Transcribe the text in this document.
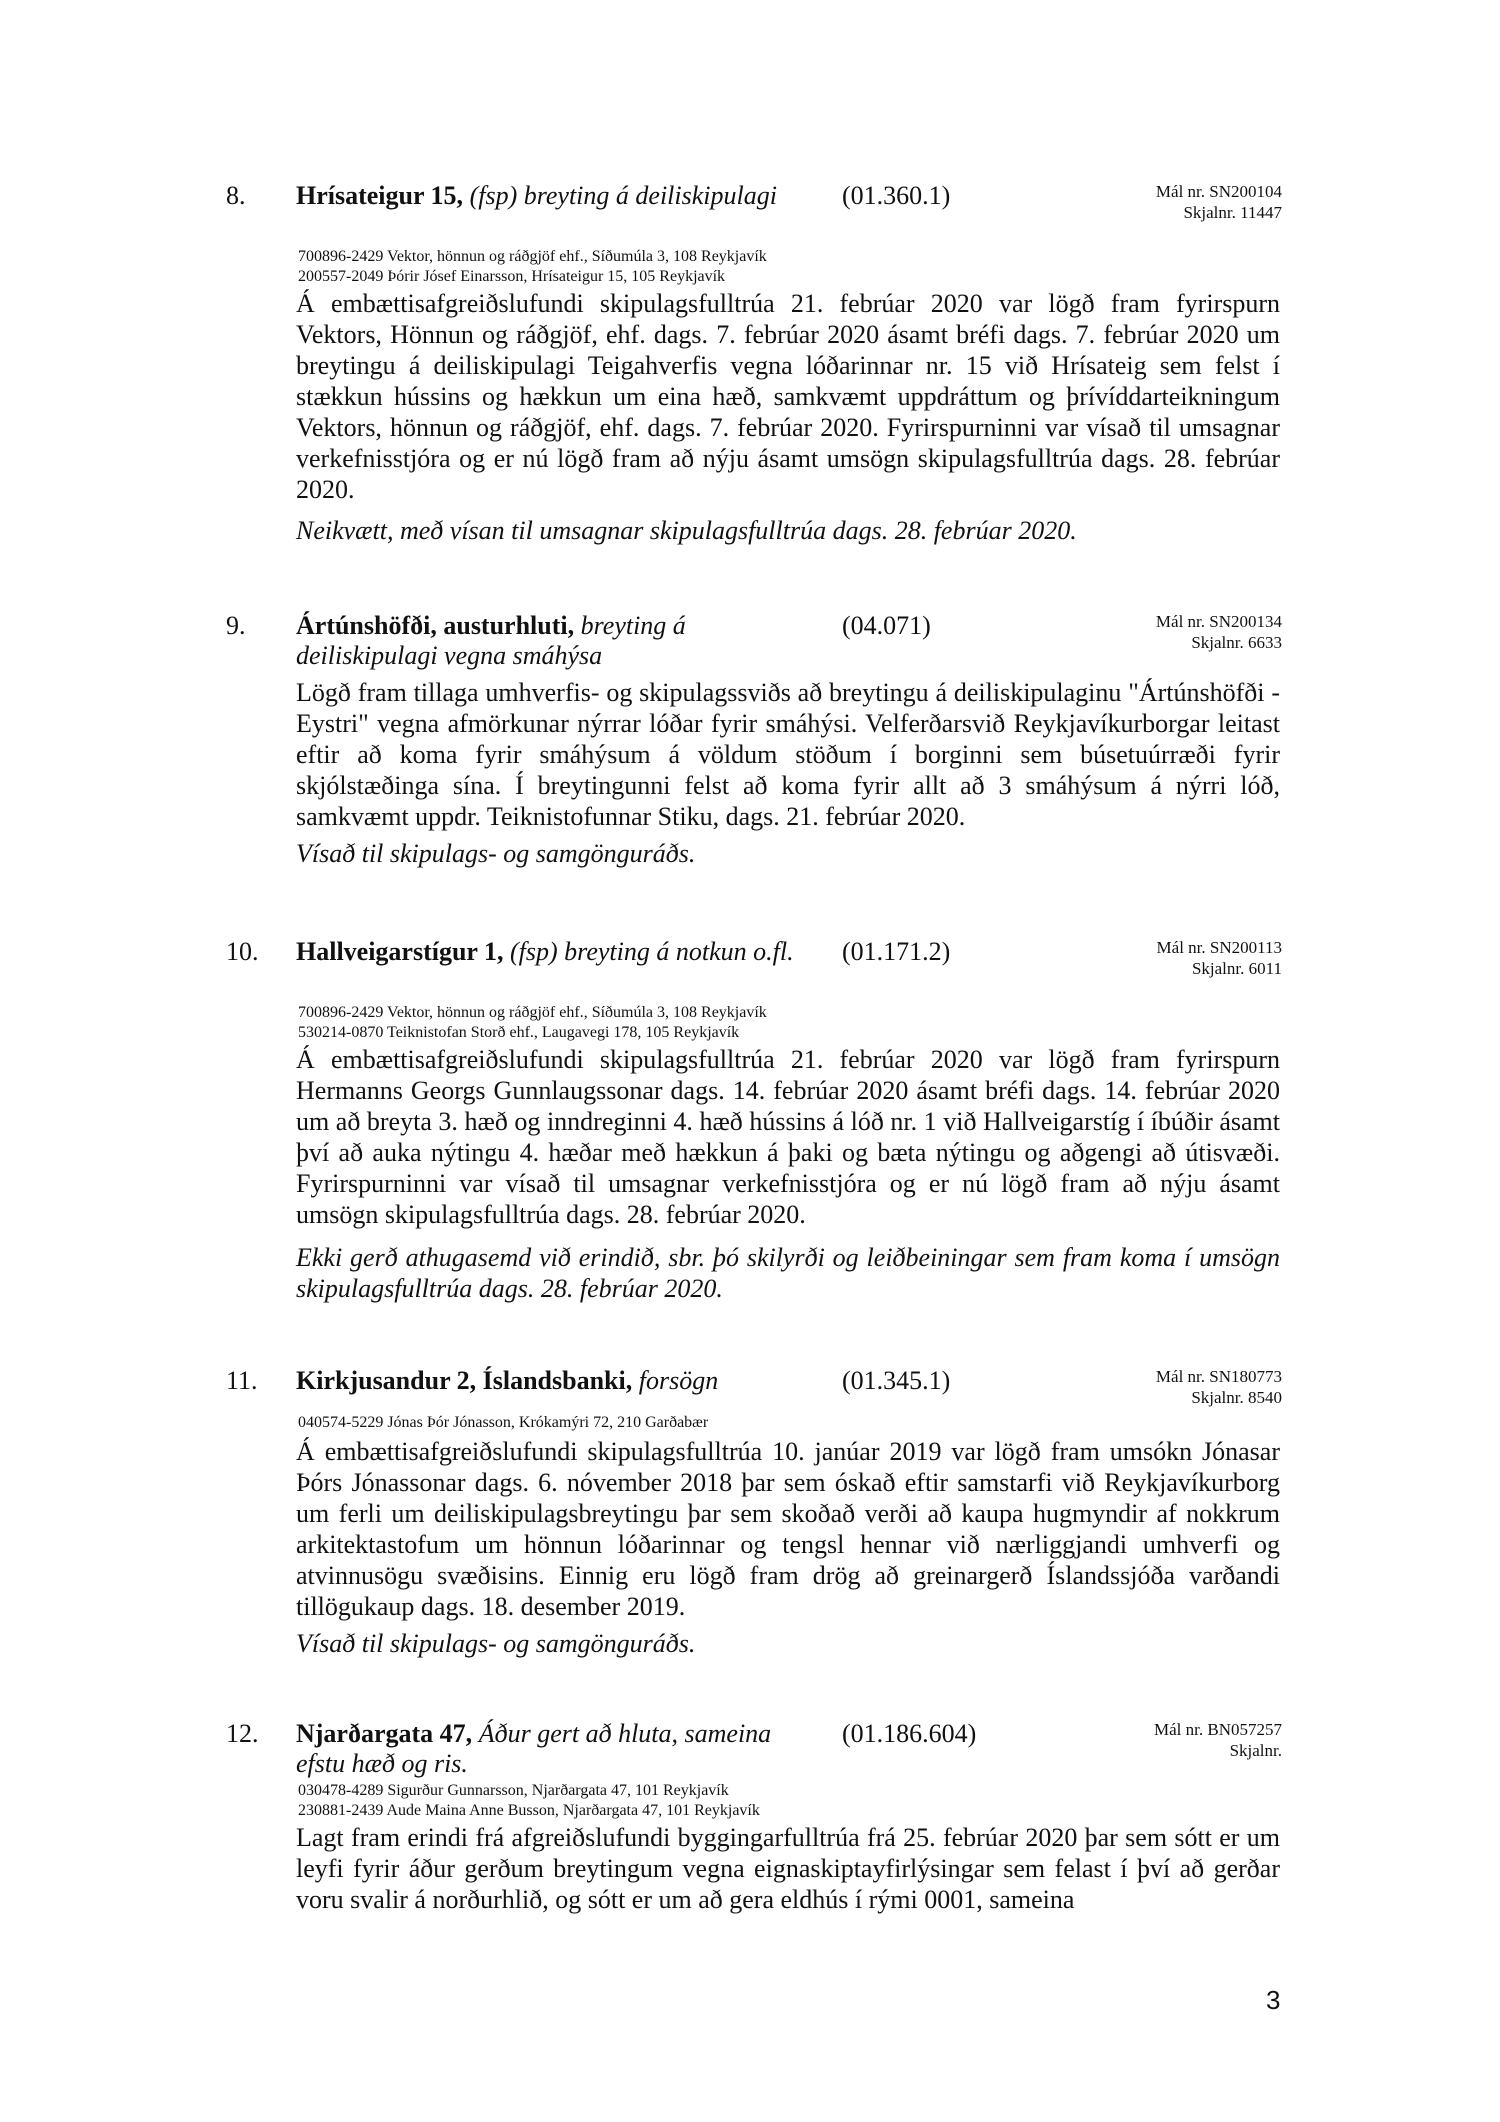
8. Hrísateigur 15, (fsp) breyting á deiliskipulagi	(01.360.1)	Mál nr. SN200104
Skjalnr. 11447
700896-2429 Vektor, hönnun og ráðgjöf ehf., Síðumúla 3, 108 Reykjavík
200557-2049 Þórir Jósef Einarsson, Hrísateigur 15, 105 Reykjavík
Á embættisafgreiðslufundi skipulagsfulltrúa 21. febrúar 2020 var lögð fram fyrirspurn Vektors, Hönnun og ráðgjöf, ehf. dags. 7. febrúar 2020 ásamt bréfi dags. 7. febrúar 2020 um breytingu á deiliskipulagi Teigahverfis vegna lóðarinnar nr. 15 við Hrísateig sem felst í stækkun hússins og hækkun um eina hæð, samkvæmt uppdráttum og þrívíddarteikningum Vektors, hönnun og ráðgjöf, ehf. dags. 7. febrúar 2020. Fyrirspurninni var vísað til umsagnar verkefnisstjóra og er nú lögð fram að nýju ásamt umsögn skipulagsfulltrúa dags. 28. febrúar 2020.
Neikvætt, með vísan til umsagnar skipulagsfulltrúa dags. 28. febrúar 2020.
9. Ártúnshöfði, austurhluti, breyting á deiliskipulagi vegna smáhýsa
(04.071)	Mál nr. SN200134
Skjalnr. 6633
Lögð fram tillaga umhverfis- og skipulagssviðs að breytingu á deiliskipulaginu "Ártúnshöfði - Eystri" vegna afmörkunar nýrrar lóðar fyrir smáhýsi. Velferðarsvið Reykjavíkurborgar leitast eftir að koma fyrir smáhýsum á völdum stöðum í borginni sem búsetuúrræði fyrir skjólstæðinga sína. Í breytingunni felst að koma fyrir allt að 3 smáhýsum á nýrri lóð, samkvæmt uppdr. Teiknistofunnar Stiku, dags. 21. febrúar 2020.
Vísað til skipulags- og samgönguráðs.
10. Hallveigarstígur 1, (fsp) breyting á notkun o.fl.	(01.171.2)	Mál nr. SN200113
Skjalnr. 6011
700896-2429 Vektor, hönnun og ráðgjöf ehf., Síðumúla 3, 108 Reykjavík
530214-0870 Teiknistofan Storð ehf., Laugavegi 178, 105 Reykjavík
Á embættisafgreiðslufundi skipulagsfulltrúa 21. febrúar 2020 var lögð fram fyrirspurn Hermanns Georgs Gunnlaugssonar dags. 14. febrúar 2020 ásamt bréfi dags. 14. febrúar 2020 um að breyta 3. hæð og inndreginni 4. hæð hússins á lóð nr. 1 við Hallveigarstíg í íbúðir ásamt því að auka nýtingu 4. hæðar með hækkun á þaki og bæta nýtingu og aðgengi að útisvæði. Fyrirspurninni var vísað til umsagnar verkefnisstjóra og er nú lögð fram að nýju ásamt umsögn skipulagsfulltrúa dags. 28. febrúar 2020.
Ekki gerð athugasemd við erindið, sbr. þó skilyrði og leiðbeiningar sem fram koma í umsögn skipulagsfulltrúa dags. 28. febrúar 2020.
11. Kirkjusandur 2, Íslandsbanki, forsögn	(01.345.1)	Mál nr. SN180773
Skjalnr. 8540
040574-5229 Jónas Þór Jónasson, Krókamýri 72, 210 Garðabær
Á embættisafgreiðslufundi skipulagsfulltrúa 10. janúar 2019 var lögð fram umsókn Jónasar Þórs Jónassonar dags. 6. nóvember 2018 þar sem óskað eftir samstarfi við Reykjavíkurborg um ferli um deiliskipulagsbreytingu þar sem skoðað verði að kaupa hugmyndir af nokkrum arkitektastofum um hönnun lóðarinnar og tengsl hennar við nærliggjandi umhverfi og atvinnusögu svæðisins. Einnig eru lögð fram drög að greinargerð Íslandssjóða varðandi tillögukaup dags. 18. desember 2019.
Vísað til skipulags- og samgönguráðs.
12. Njarðargata 47, Áður gert að hluta, sameina efstu hæð og ris.
(01.186.604)	Mál nr. BN057257
Skjalnr.
030478-4289 Sigurður Gunnarsson, Njarðargata 47, 101 Reykjavík
230881-2439 Aude Maina Anne Busson, Njarðargata 47, 101 Reykjavík
Lagt fram erindi frá afgreiðslufundi byggingarfulltrúa frá 25. febrúar 2020 þar sem sótt er um leyfi fyrir áður gerðum breytingum vegna eignaskiptayfirlýsingar sem felast í því að gerðar voru svalir á norðurhlið, og sótt er um að gera eldhús í rými 0001, sameina
3
